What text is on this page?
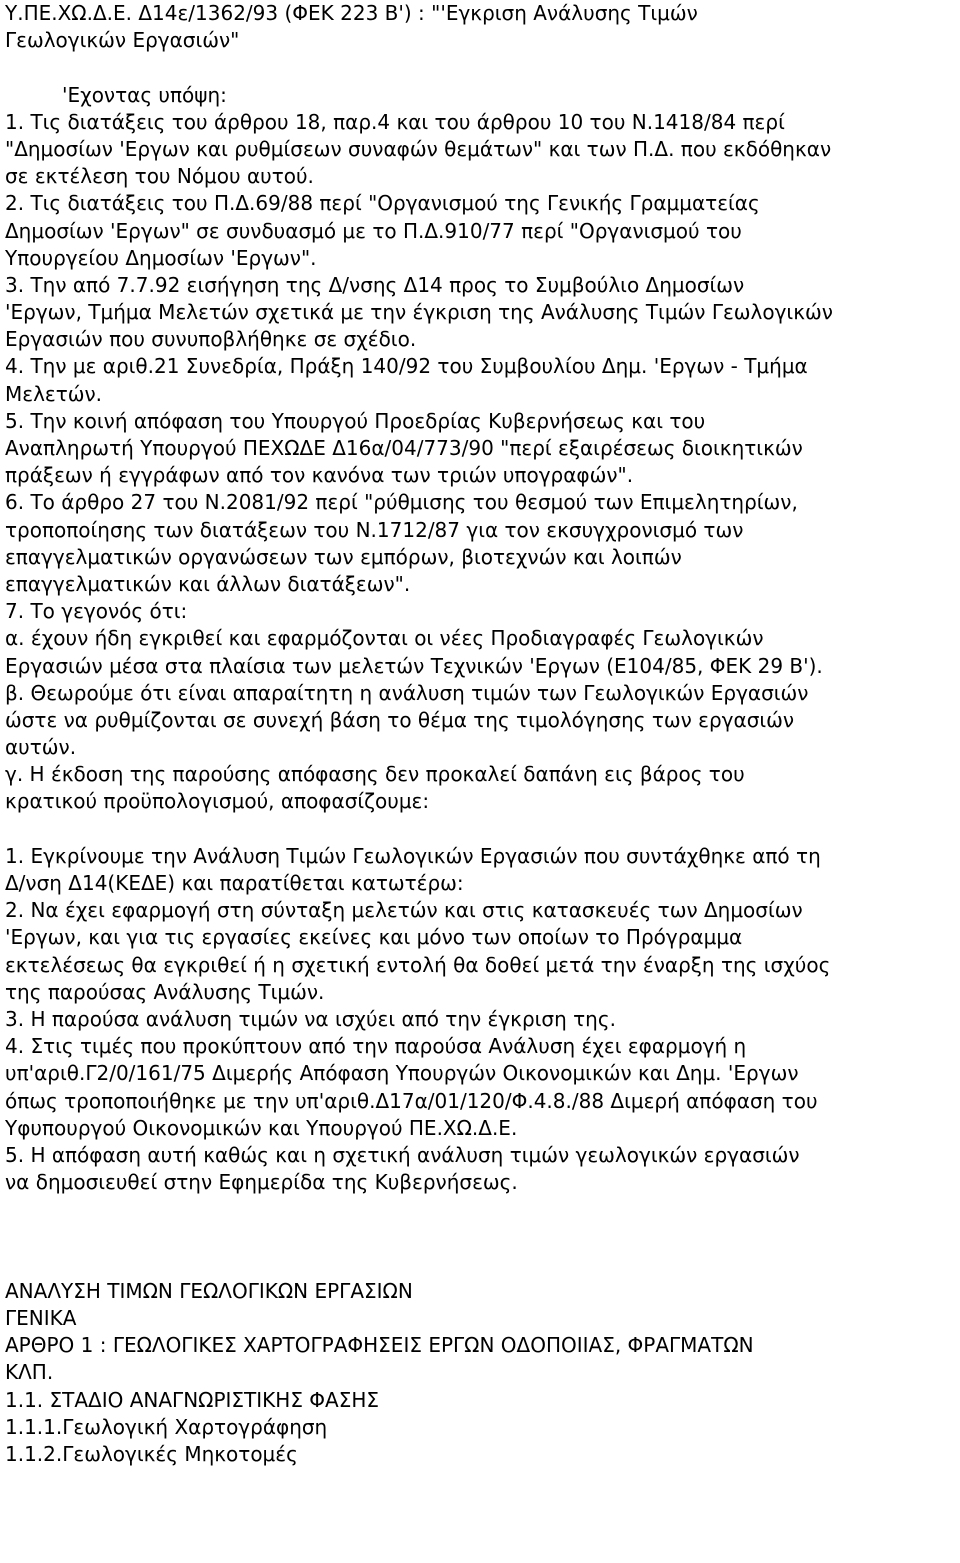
Υ.ΠΕ.ΧΩ.Δ.Ε. Δ14ε/1362/93 (ΦΕΚ 223 Β') : "'Εγκριση Ανάλυσης Τιμών
Γεωλογικών Εργασιών"
'Εχοντας υπόψη:
1. Τις διατάξεις του άρθρου 18, παρ.4 και του άρθρου 10 του Ν.1418/84 περί
"Δημοσίων 'Εργων και ρυθμίσεων συναφών θεμάτων" και των Π.Δ. που εκδόθηκαν
σε εκτέλεση του Νόμου αυτού.
2. Τις διατάξεις του Π.Δ.69/88 περί "Οργανισμού της Γενικής Γραμματείας
Δημοσίων 'Εργων" σε συνδυασμό με το Π.Δ.910/77 περί "Οργανισμού του
Υπουργείου Δημοσίων 'Εργων".
3. Την από 7.7.92 εισήγηση της Δ/νσης Δ14 προς το Συμβούλιο Δημοσίων
'Εργων, Τμήμα Μελετών σχετικά με την έγκριση της Ανάλυσης Τιμών Γεωλογικών
Εργασιών που συνυποβλήθηκε σε σχέδιο.
4. Την με αριθ.21 Συνεδρία, Πράξη 140/92 του Συμβουλίου Δημ. 'Εργων - Τμήμα
Μελετών.
5. Την κοινή απόφαση του Υπουργού Προεδρίας Κυβερνήσεως και του
Αναπληρωτή Υπουργού ΠΕΧΩΔΕ Δ16α/04/773/90 "περί εξαιρέσεως διοικητικών
πράξεων ή εγγράφων από τον κανόνα των τριών υπογραφών".
6. Το άρθρο 27 του Ν.2081/92 περί "ρύθμισης του θεσμού των Επιμελητηρίων,
τροποποίησης των διατάξεων του Ν.1712/87 για τον εκσυγχρονισμό των
επαγγελματικών οργανώσεων των εμπόρων, βιοτεχνών και λοιπών
επαγγελματικών και άλλων διατάξεων".
7. Το γεγονός ότι:
α. έχουν ήδη εγκριθεί και εφαρμόζονται οι νέες Προδιαγραφές Γεωλογικών
Εργασιών μέσα στα πλαίσια των μελετών Τεχνικών 'Εργων (Ε104/85, ΦΕΚ 29 Β').
β. Θεωρούμε ότι είναι απαραίτητη η ανάλυση τιμών των Γεωλογικών Εργασιών
ώστε να ρυθμίζονται σε συνεχή βάση το θέμα της τιμολόγησης των εργασιών
αυτών.
γ. Η έκδοση της παρούσης απόφασης δεν προκαλεί δαπάνη εις βάρος του
κρατικού προϋπολογισμού, αποφασίζουμε:
1. Εγκρίνουμε την Ανάλυση Τιμών Γεωλογικών Εργασιών που συντάχθηκε από τη
Δ/νση Δ14(ΚΕΔΕ) και παρατίθεται κατωτέρω:
2. Να έχει εφαρμογή στη σύνταξη μελετών και στις κατασκευές των Δημοσίων
'Εργων, και για τις εργασίες εκείνες και μόνο των οποίων το Πρόγραμμα
εκτελέσεως θα εγκριθεί ή η σχετική εντολή θα δοθεί μετά την έναρξη της ισχύος
της παρούσας Ανάλυσης Τιμών.
3. Η παρούσα ανάλυση τιμών να ισχύει από την έγκριση της.
4. Στις τιμές που προκύπτουν από την παρούσα Ανάλυση έχει εφαρμογή η
υπ'αριθ.Γ2/0/161/75 Διμερής Απόφαση Υπουργών Οικονομικών και Δημ. 'Εργων
όπως τροποποιήθηκε με την υπ'αριθ.Δ17α/01/120/Φ.4.8./88 Διμερή απόφαση του
Υφυπουργού Οικονομικών και Υπουργού ΠΕ.ΧΩ.Δ.Ε.
5. Η απόφαση αυτή καθώς και η σχετική ανάλυση τιμών γεωλογικών εργασιών
να δημοσιευθεί στην Εφημερίδα της Κυβερνήσεως.
ΑΝΑΛΥΣΗ ΤΙΜΩΝ ΓΕΩΛΟΓΙΚΩΝ ΕΡΓΑΣΙΩΝ
ΓΕΝΙΚΑ
ΑΡΘΡΟ 1 : ΓΕΩΛΟΓΙΚΕΣ ΧΑΡΤΟΓΡΑΦΗΣΕΙΣ ΕΡΓΩΝ ΟΔΟΠΟΙΙΑΣ, ΦΡΑΓΜΑΤΩΝ
ΚΛΠ.
1.1. ΣΤΑΔΙΟ ΑΝΑΓΝΩΡΙΣΤΙΚΗΣ ΦΑΣΗΣ
1.1.1.Γεωλογική Χαρτογράφηση
1.1.2.Γεωλογικές Μηκοτομές
